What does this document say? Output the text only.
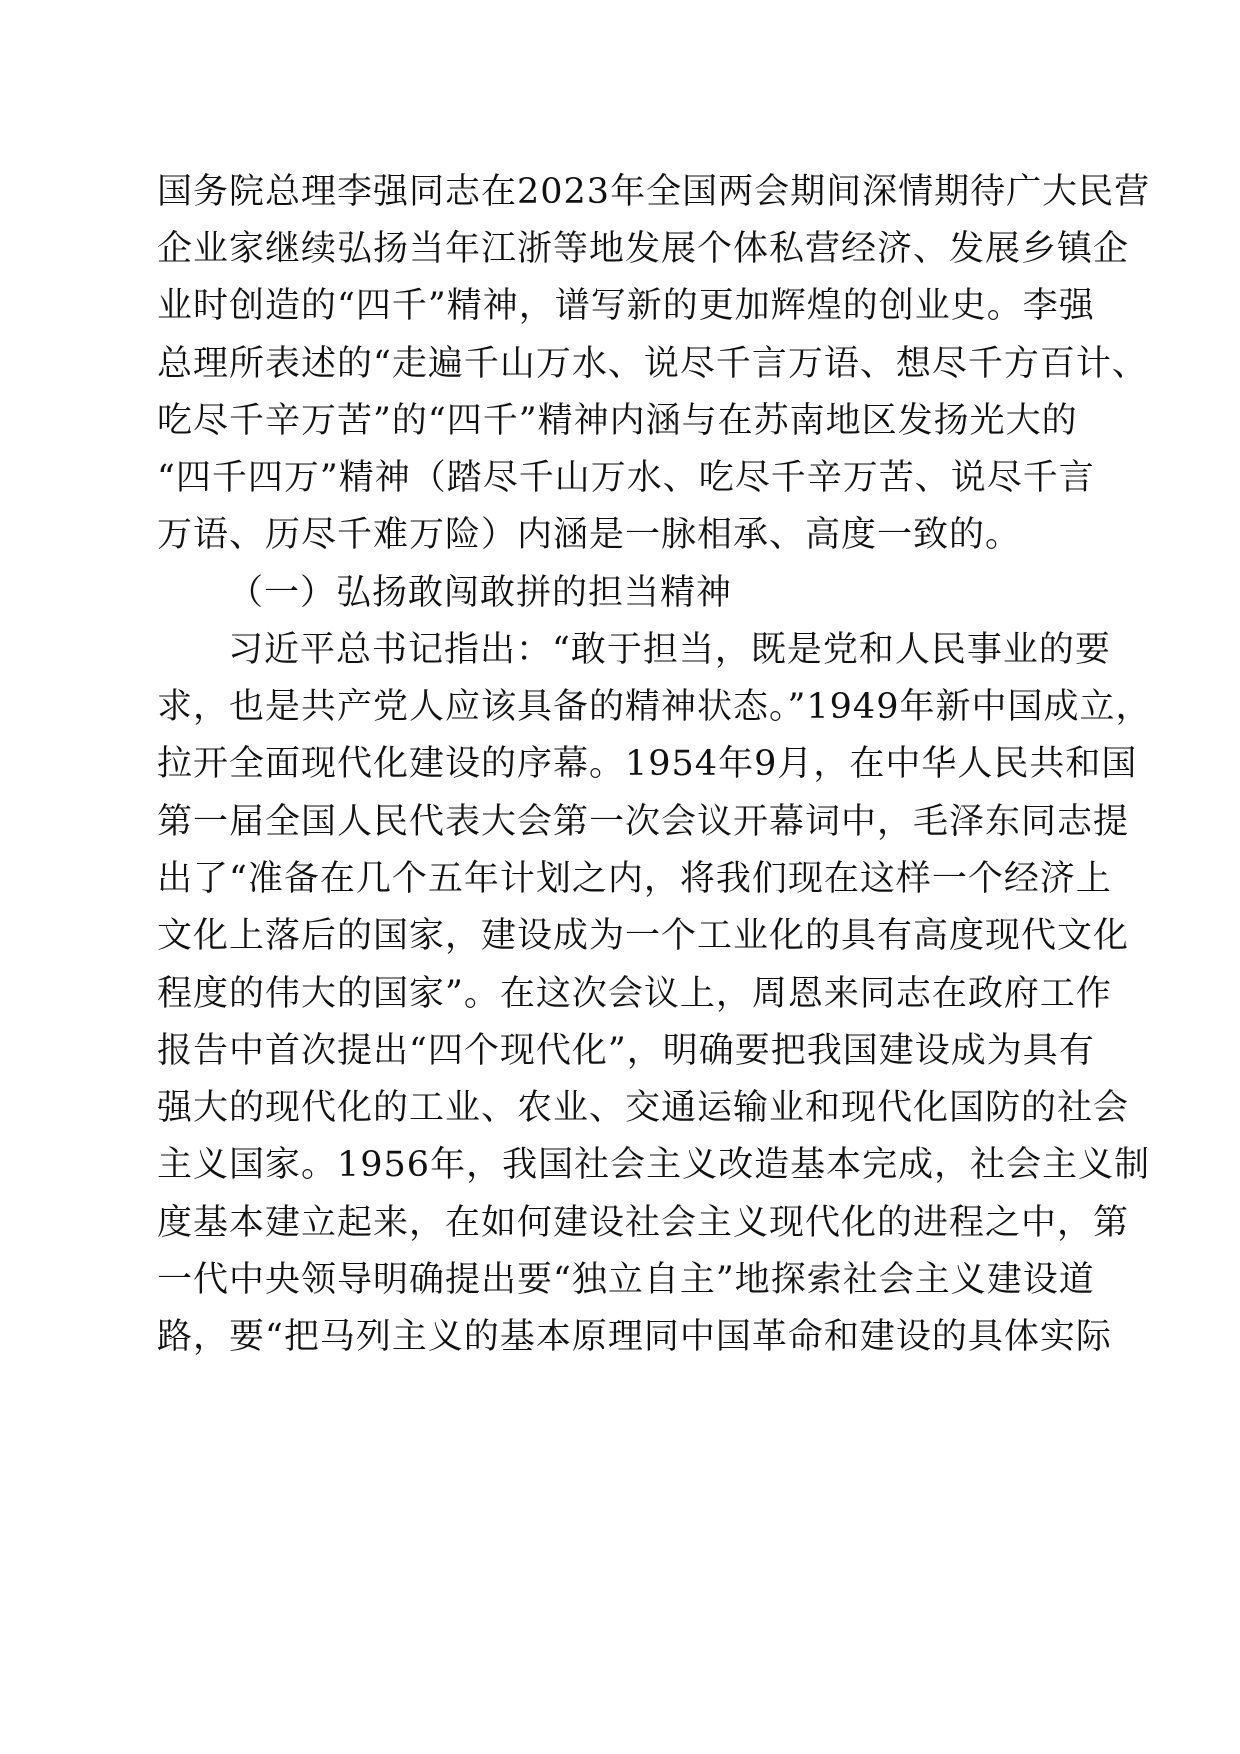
国务院总理李强同志在2023年全国两会期间深情期待广大民营
企业家继续弘扬当年江浙等地发展个体私营经济、发展乡镇企
业时创造的“四千”精神，谱写新的更加辉煌的创业史。李强
总理所表述的“走遍千山万水、说尽千言万语、想尽千方百计、
吃尽千辛万苦”的“四千”精神内涵与在苏南地区发扬光大的
“四千四万”精神（踏尽千山万水、吃尽千辛万苦、说尽千言
万语、历尽千难万险）内涵是一脉相承、高度一致的。
（一）弘扬敢闯敢拼的担当精神
习近平总书记指出：“敢于担当，既是党和人民事业的要
求，也是共产党人应该具备的精神状态。”1949年新中国成立，
拉开全面现代化建设的序幕。1954年9月，在中华人民共和国
第一届全国人民代表大会第一次会议开幕词中，毛泽东同志提
出了“准备在几个五年计划之内，将我们现在这样一个经济上
文化上落后的国家，建设成为一个工业化的具有高度现代文化
程度的伟大的国家”。在这次会议上，周恩来同志在政府工作
报告中首次提出“四个现代化”，明确要把我国建设成为具有
强大的现代化的工业、农业、交通运输业和现代化国防的社会
主义国家。1956年，我国社会主义改造基本完成，社会主义制
度基本建立起来，在如何建设社会主义现代化的进程之中，第
一代中央领导明确提出要“独立自主”地探索社会主义建设道
路，要“把马列主义的基本原理同中国革命和建设的具体实际
